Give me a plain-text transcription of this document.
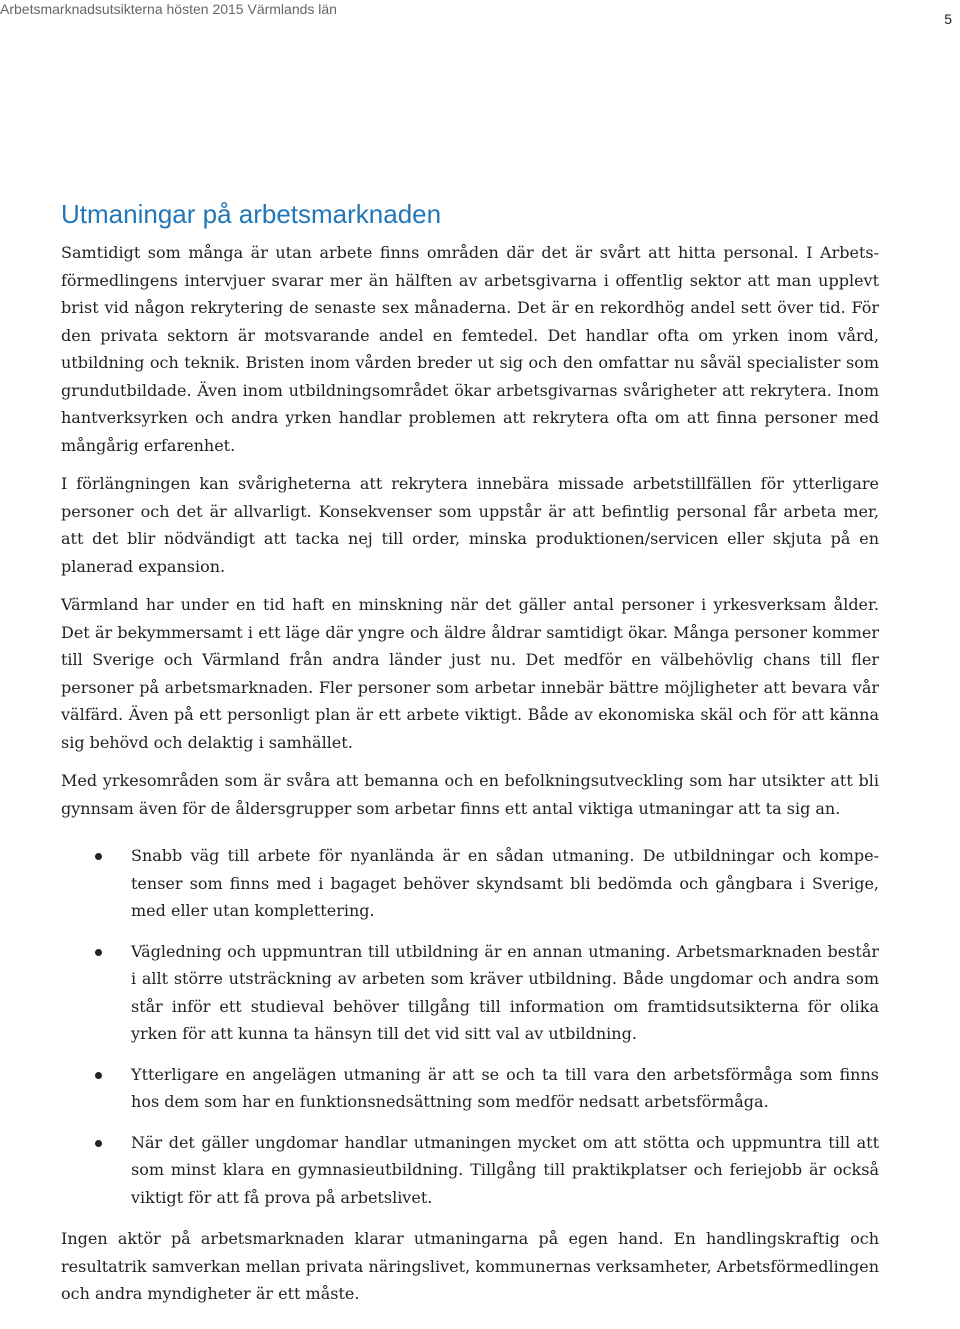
Arbetsmarknadsutsikterna hösten 2015 Värmlands län
5
Utmaningar på arbetsmarknaden

Samtidigt som många är utan arbete finns områden där det är svårt att hitta personal. I Arbetsförmedlingens intervjuer svarar mer än hälften av arbetsgivarna i offentlig sektor att man upplevt brist vid någon rekrytering de senaste sex månaderna. Det är en rekordhög andel sett över tid. För den privata sektorn är motsvarande andel en femtedel. Det handlar ofta om yrken inom vård, utbildning och teknik. Bristen inom vården breder ut sig och den omfattar nu såväl specialister som grundutbildade. Även inom utbildningsområdet ökar arbetsgivarnas svårigheter att rekrytera. Inom hantverksyrken och andra yrken handlar problemen att rekrytera ofta om att finna personer med mångårig erfarenhet.

I förlängningen kan svårigheterna att rekrytera innebära missade arbetstillfällen för ytterligare personer och det är allvarligt. Konsekvenser som uppstår är att befintlig personal får arbeta mer, att det blir nödvändigt att tacka nej till order, minska produktionen/servicen eller skjuta på en planerad expansion.

Värmland har under en tid haft en minskning när det gäller antal personer i yrkesverksam ålder. Det är bekymmersamt i ett läge där yngre och äldre åldrar samtidigt ökar. Många personer kommer till Sverige och Värmland från andra länder just nu. Det medför en välbehövlig chans till fler personer på arbetsmarknaden. Fler personer som arbetar innebär bättre möjligheter att bevara vår välfärd. Även på ett personligt plan är ett arbete viktigt. Både av ekonomiska skäl och för att känna sig behövd och delaktig i samhället.

Med yrkesområden som är svåra att bemanna och en befolkningsutveckling som har utsikter att bli gynnsam även för de åldersgrupper som arbetar finns ett antal viktiga utmaningar att ta sig an.

Snabb väg till arbete för nyanlända är en sådan utmaning. De utbildningar och kompetenser som finns med i bagaget behöver skyndsamt bli bedömda och gångbara i Sverige, med eller utan komplettering.
Vägledning och uppmuntran till utbildning är en annan utmaning. Arbetsmarknaden består i allt större utsträckning av arbeten som kräver utbildning. Både ungdomar och andra som står inför ett studieval behöver tillgång till information om framtidsutsikterna för olika yrken för att kunna ta hänsyn till det vid sitt val av utbildning.
Ytterligare en angelägen utmaning är att se och ta till vara den arbetsförmåga som finns hos dem som har en funktionsnedsättning som medför nedsatt arbetsförmåga.
När det gäller ungdomar handlar utmaningen mycket om att stötta och uppmuntra till att som minst klara en gymnasieutbildning. Tillgång till praktikplatser och feriejobb är också viktigt för att få prova på arbetslivet.

Ingen aktör på arbetsmarknaden klarar utmaningarna på egen hand. En handlingskraftig och resultatrik samverkan mellan privata näringslivet, kommunernas verksamheter, Arbetsförmedlingen och andra myndigheter är ett måste.
